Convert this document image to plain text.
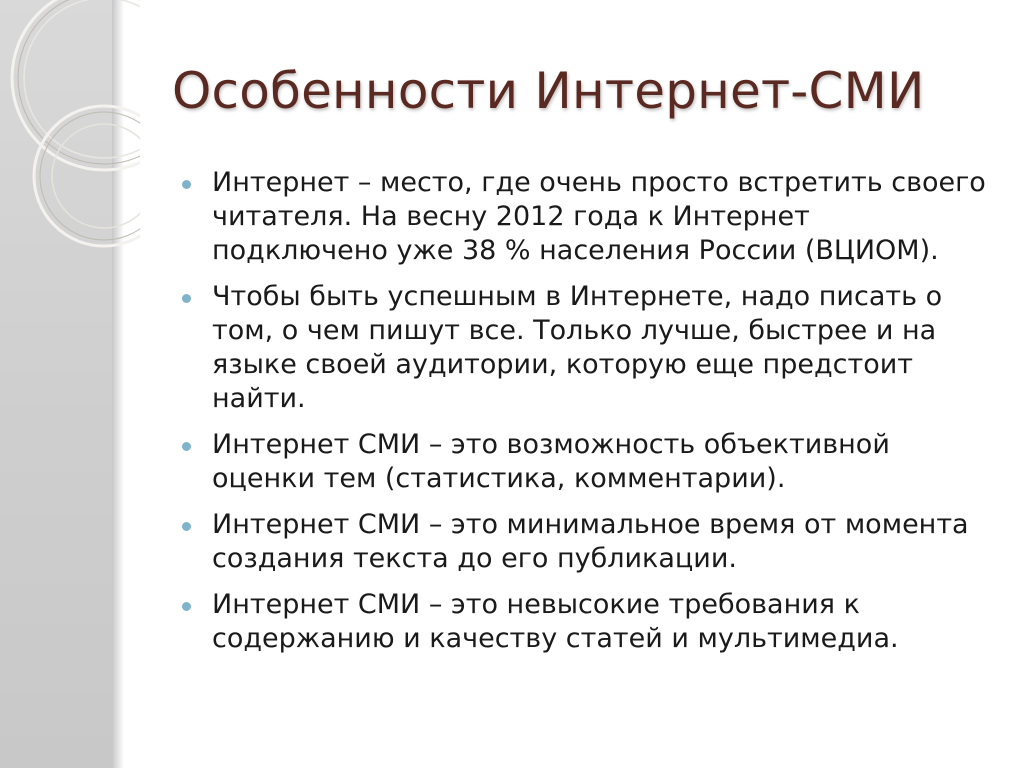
Особенности Интернет-СМИ
Интернет – место, где очень просто встретить своего читателя. На весну 2012 года к Интернет подключено уже 38 % населения России (ВЦИОМ).
Чтобы быть успешным в Интернете, надо писать о том, о чем пишут все. Только лучше, быстрее и на языке своей аудитории, которую еще предстоит найти.
Интернет СМИ – это возможность объективной оценки тем (статистика, комментарии).
Интернет СМИ – это минимальное время от момента создания текста до его публикации.
Интернет СМИ – это невысокие требования к содержанию и качеству статей и мультимедиа.
